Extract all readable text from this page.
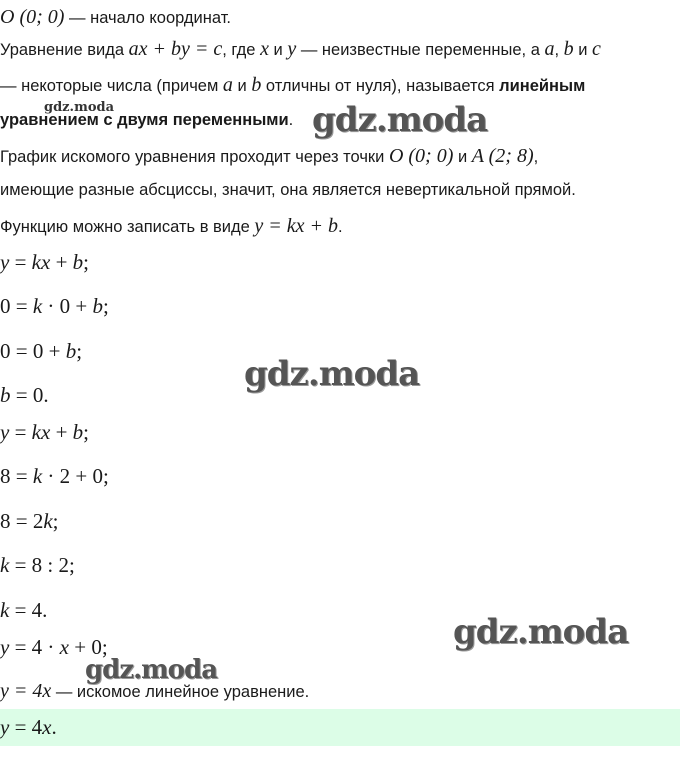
O (0; 0) — начало координат.
Уравнение вида ax + by = c, где x и y — неизвестные переменные, а a, b и c
— некоторые числа (причем a и b отличны от нуля), называется линейным
уравнением с двумя переменными.
График искомого уравнения проходит через точки O (0; 0) и A (2; 8),
имеющие разные абсциссы, значит, она является невертикальной прямой.
Функцию можно записать в виде y = kx + b.
y = kx + b;
0 = k · 0 + b;
0 = 0 + b;
b = 0.
y = kx + b;
8 = k · 2 + 0;
8 = 2k;
k = 8 : 2;
k = 4.
y = 4 · x + 0;
y = 4x — искомое линейное уравнение.
y = 4x.
gdz.moda	gdz.moda
gdz.moda
gdz.moda
gdz.moda
